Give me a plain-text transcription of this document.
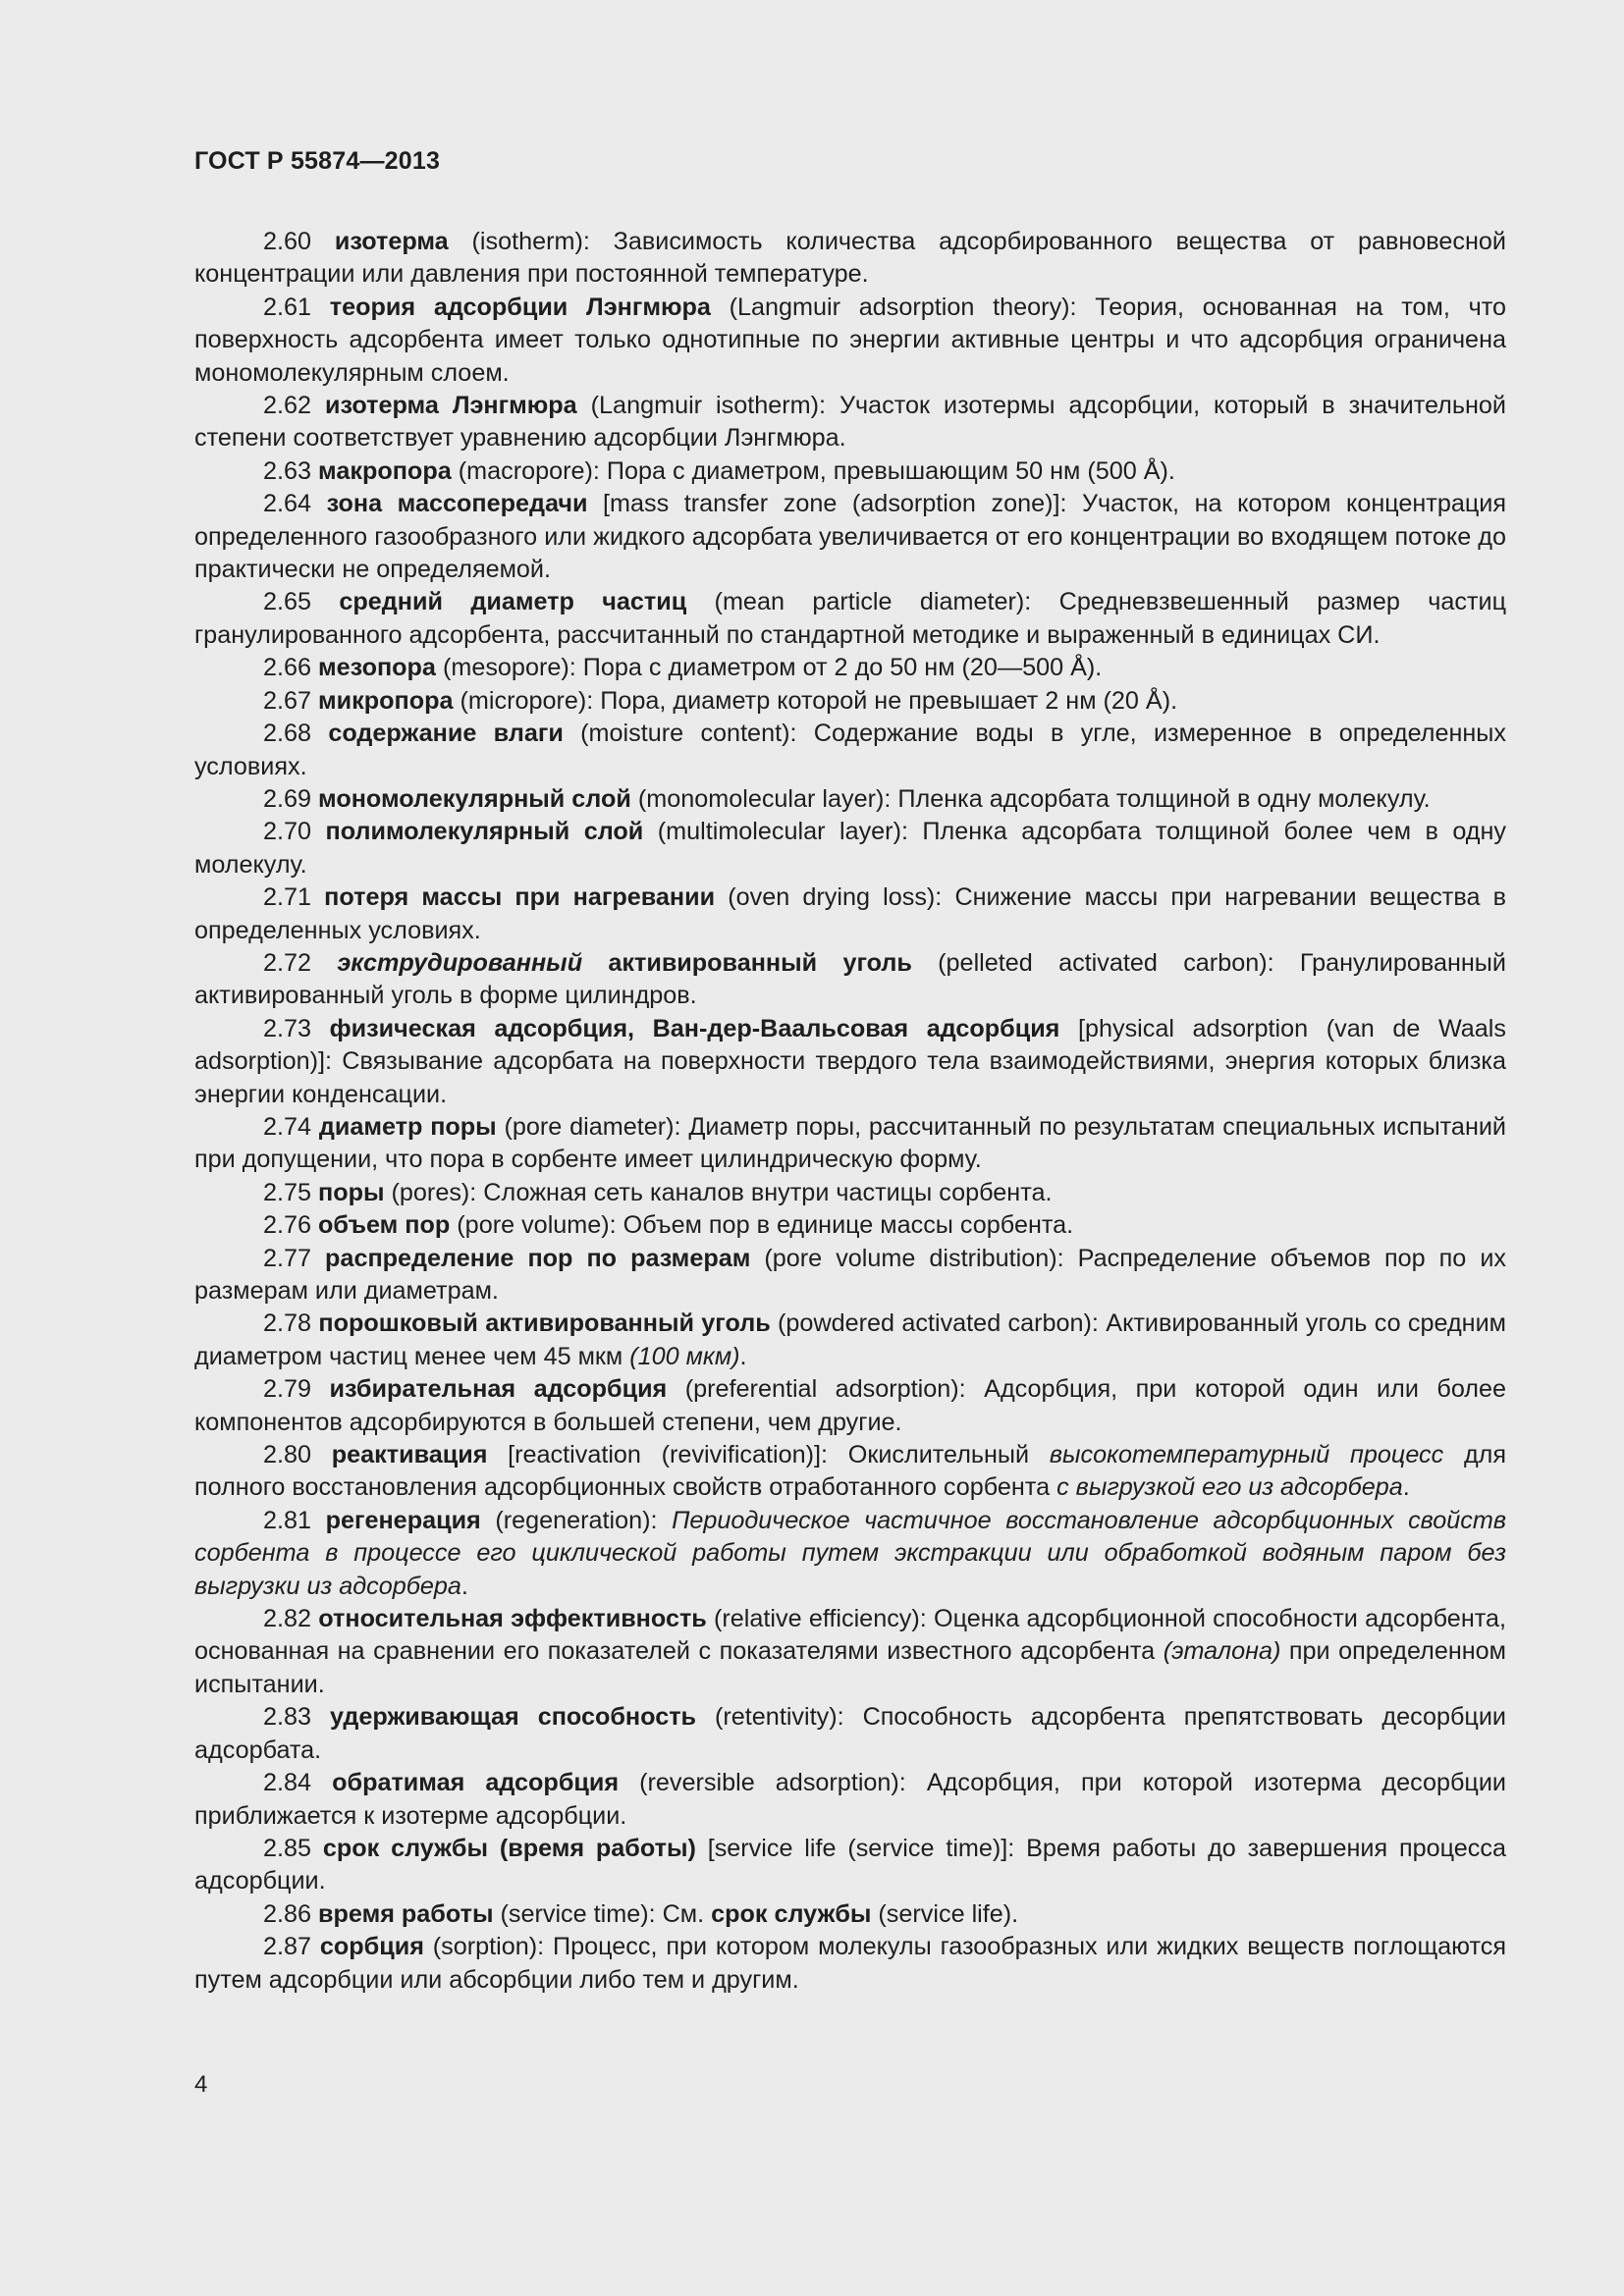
ГОСТ Р 55874—2013

2.60 изотерма (isotherm): Зависимость количества адсорбированного вещества от равновесной концентрации или давления при постоянной температуре.

2.61 теория адсорбции Лэнгмюра (Langmuir adsorption theory): Теория, основанная на том, что поверхность адсорбента имеет только однотипные по энергии активные центры и что адсорбция ограничена мономолекулярным слоем.

2.62 изотерма Лэнгмюра (Langmuir isotherm): Участок изотермы адсорбции, который в значительной степени соответствует уравнению адсорбции Лэнгмюра.

2.63 макропора (macropore): Пора с диаметром, превышающим 50 нм (500 Å).

2.64 зона массопередачи [mass transfer zone (adsorption zone)]: Участок, на котором концентрация определенного газообразного или жидкого адсорбата увеличивается от его концентрации во входящем потоке до практически не определяемой.

2.65 средний диаметр частиц (mean particle diameter): Средневзвешенный размер частиц гранулированного адсорбента, рассчитанный по стандартной методике и выраженный в единицах СИ.

2.66 мезопора (mesopore): Пора с диаметром от 2 до 50 нм (20—500 Å).

2.67 микропора (micropore): Пора, диаметр которой не превышает 2 нм (20 Å).

2.68 содержание влаги (moisture content): Содержание воды в угле, измеренное в определенных условиях.

2.69 мономолекулярный слой (monomolecular layer): Пленка адсорбата толщиной в одну молекулу.

2.70 полимолекулярный слой (multimolecular layer): Пленка адсорбата толщиной более чем в одну молекулу.

2.71 потеря массы при нагревании (oven drying loss): Снижение массы при нагревании вещества в определенных условиях.

2.72 экструдированный активированный уголь (pelleted activated carbon): Гранулированный активированный уголь в форме цилиндров.

2.73 физическая адсорбция, Ван-дер-Ваальсовая адсорбция [physical adsorption (van de Waals adsorption)]: Связывание адсорбата на поверхности твердого тела взаимодействиями, энергия которых близка энергии конденсации.

2.74 диаметр поры (pore diameter): Диаметр поры, рассчитанный по результатам специальных испытаний при допущении, что пора в сорбенте имеет цилиндрическую форму.

2.75 поры (pores): Сложная сеть каналов внутри частицы сорбента.

2.76 объем пор (pore volume): Объем пор в единице массы сорбента.

2.77 распределение пор по размерам (pore volume distribution): Распределение объемов пор по их размерам или диаметрам.

2.78 порошковый активированный уголь (powdered activated carbon): Активированный уголь со средним диаметром частиц менее чем 45 мкм (100 мкм).

2.79 избирательная адсорбция (preferential adsorption): Адсорбция, при которой один или более компонентов адсорбируются в большей степени, чем другие.

2.80 реактивация [reactivation (revivification)]: Окислительный высокотемпературный процесс для полного восстановления адсорбционных свойств отработанного сорбента с выгрузкой его из адсорбера.

2.81 регенерация (regeneration): Периодическое частичное восстановление адсорбционных свойств сорбента в процессе его циклической работы путем экстракции или обработкой водяным паром без выгрузки из адсорбера.

2.82 относительная эффективность (relative efficiency): Оценка адсорбционной способности адсорбента, основанная на сравнении его показателей с показателями известного адсорбента (эталона) при определенном испытании.

2.83 удерживающая способность (retentivity): Способность адсорбента препятствовать десорбции адсорбата.

2.84 обратимая адсорбция (reversible adsorption): Адсорбция, при которой изотерма десорбции приближается к изотерме адсорбции.

2.85 срок службы (время работы) [service life (service time)]: Время работы до завершения процесса адсорбции.

2.86 время работы (service time): См. срок службы (service life).

2.87 сорбция (sorption): Процесс, при котором молекулы газообразных или жидких веществ поглощаются путем адсорбции или абсорбции либо тем и другим.

4
